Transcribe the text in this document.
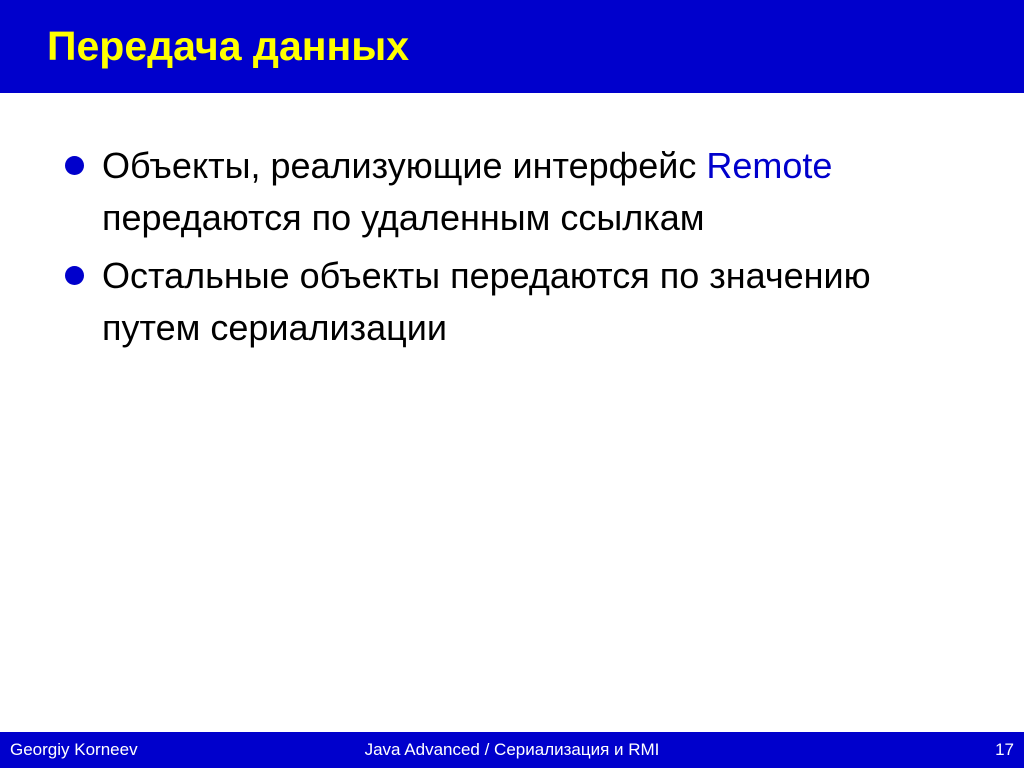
Передача данных
Объекты, реализующие интерфейс Remote передаются по удаленным ссылкам
Остальные объекты передаются по значению путем сериализации
Georgiy Korneev	Java Advanced / Сериализация и RMI	17
